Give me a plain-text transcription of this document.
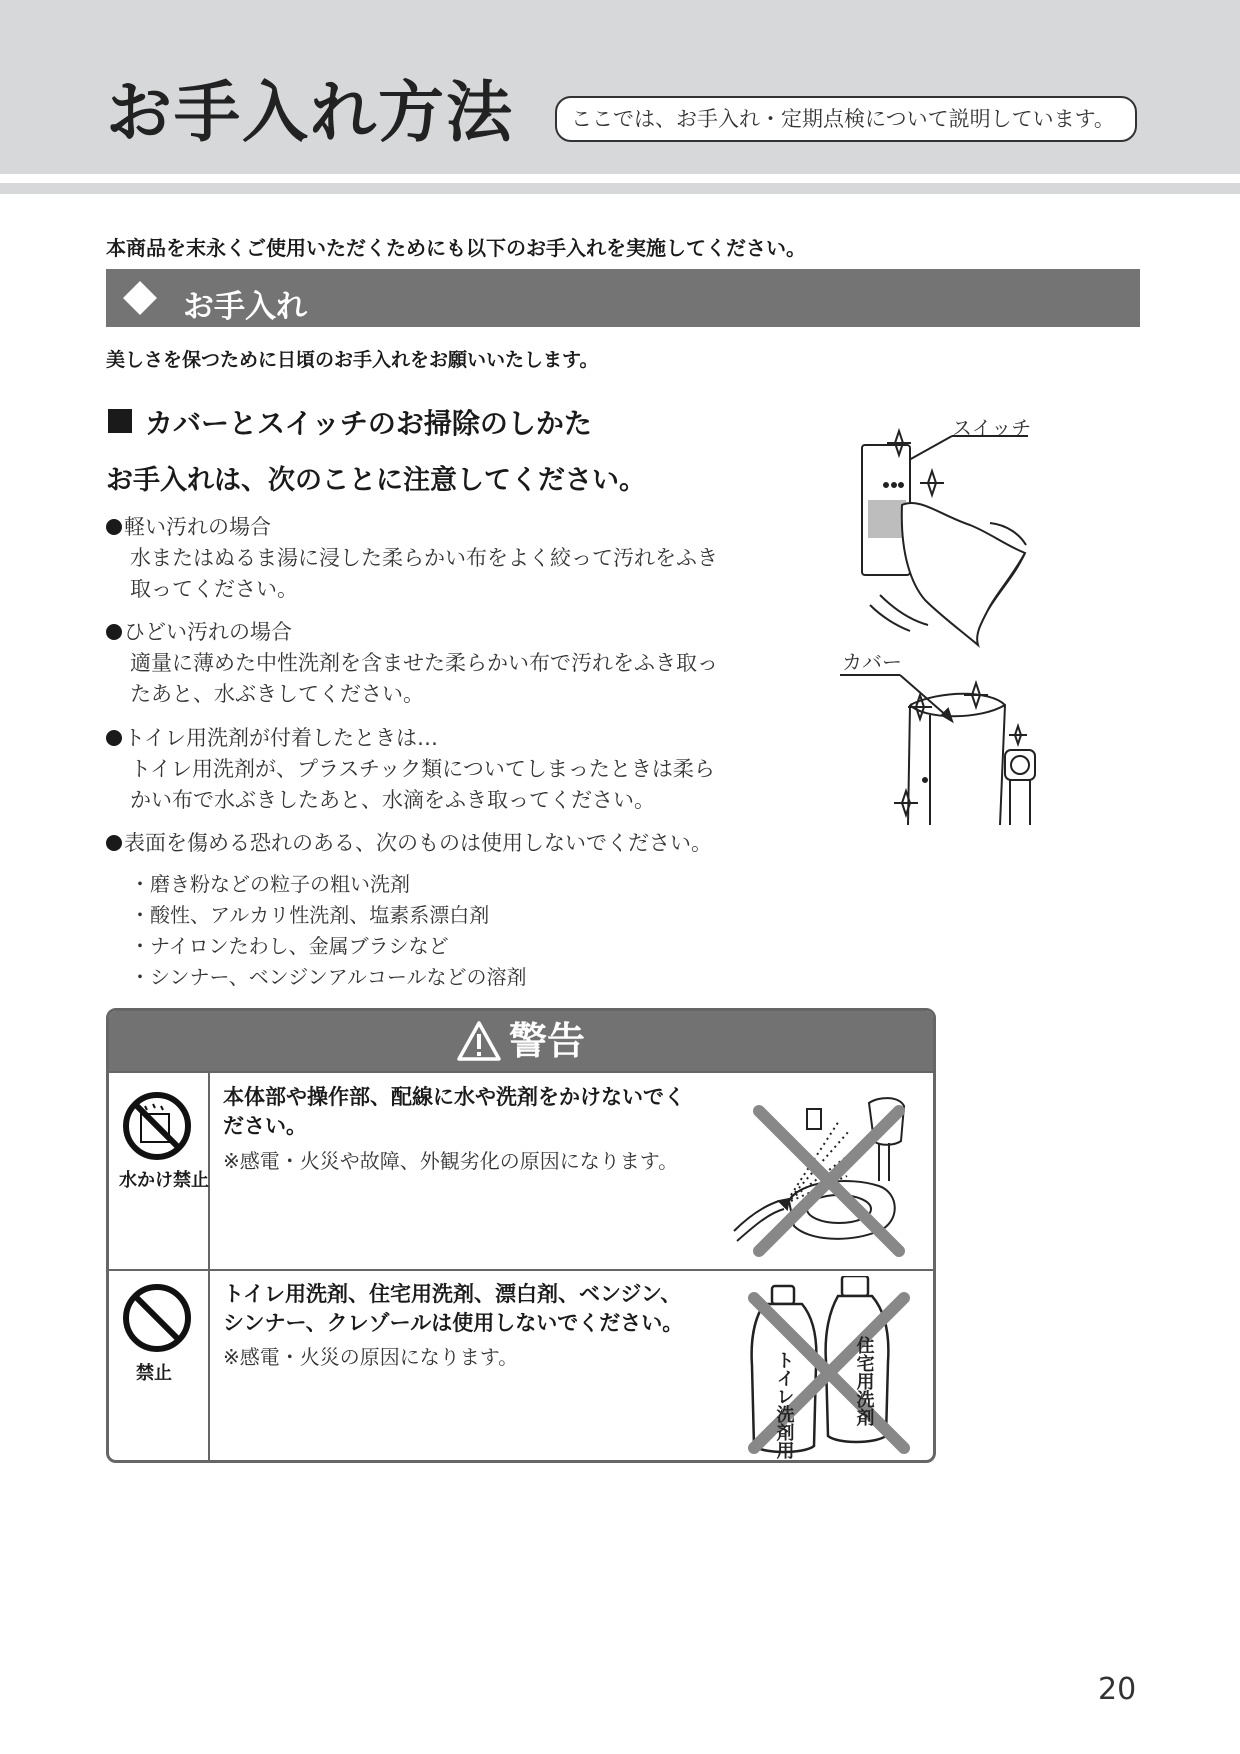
お手入れ方法	ここでは、お手入れ・定期点検について説明しています。
本商品を末永くご使用いただくためにも以下のお手入れを実施してください。
お手入れ
美しさを保つために日頃のお手入れをお願いいたします。
カバーとスイッチのお掃除のしかた
お手入れは、次のことに注意してください。
軽い汚れの場合
水またはぬるま湯に浸した柔らかい布をよく絞って汚れをふき
取ってください。
ひどい汚れの場合
適量に薄めた中性洗剤を含ませた柔らかい布で汚れをふき取っ
たあと、水ぶきしてください。
トイレ用洗剤が付着したときは…
トイレ用洗剤が、プラスチック類についてしまったときは柔ら
かい布で水ぶきしたあと、水滴をふき取ってください。
表面を傷める恐れのある、次のものは使用しないでください。
・磨き粉などの粒子の粗い洗剤
・酸性、アルカリ性洗剤、塩素系漂白剤
・ナイロンたわし、金属ブラシなど
・シンナー、ベンジンアルコールなどの溶剤
スイッチ
カバー
警告
水かけ禁止
本体部や操作部、配線に水や洗剤をかけないでく
ださい。
※感電・火災や故障、外観劣化の原因になります。
禁止
トイレ用洗剤、住宅用洗剤、漂白剤、ベンジン、
シンナー、クレゾールは使用しないでください。
※感電・火災の原因になります。	トイレ洗剤用	住宅用洗剤
20
